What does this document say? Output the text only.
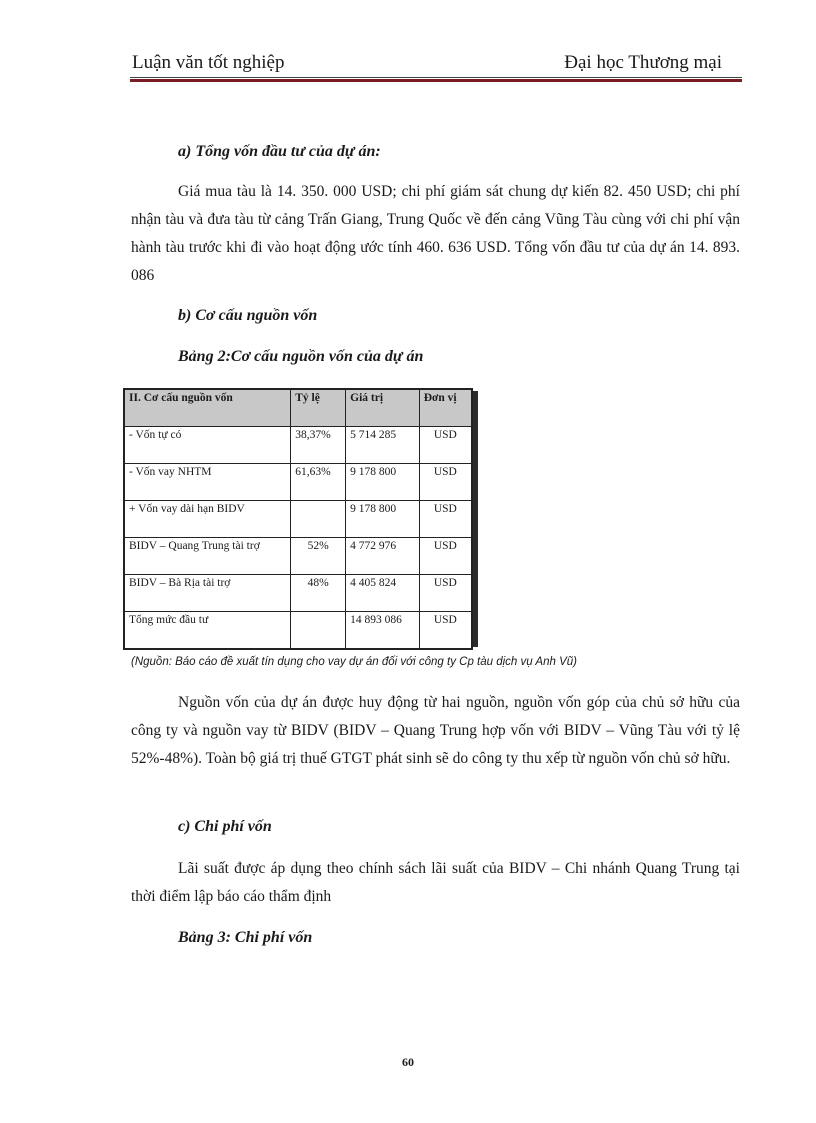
Luận văn tốt nghiệp	Đại học Thương mại
a) Tổng vốn đầu tư của dự án:
Giá mua tàu là 14. 350. 000 USD; chi phí giám sát chung dự kiến 82. 450 USD; chi phí nhận tàu và đưa tàu từ cảng Trấn Giang, Trung Quốc về đến cảng Vũng Tàu cùng với chi phí vận hành tàu trước khi đi vào hoạt động ước tính 460. 636 USD. Tổng vốn đầu tư của dự án 14. 893. 086
b) Cơ cấu nguồn vốn
Bảng 2:Cơ cấu nguồn vốn của dự án
II. Cơ cấu nguồn vốn	Tỷ lệ	Giá trị	Đơn vị
- Vốn tự có	38,37%	5 714 285	USD
- Vốn vay NHTM	61,63%	9 178 800	USD
+ Vốn vay dài hạn BIDV		9 178 800	USD
BIDV – Quang Trung tài trợ	52%	4 772 976	USD
BIDV – Bà Rịa tài trợ	48%	4 405 824	USD
Tổng mức đầu tư		14 893 086	USD
(Nguồn: Báo cáo đề xuất tín dụng cho vay dự án đối với công ty Cp tàu dịch vụ Anh Vũ)
Nguồn vốn của dự án được huy động từ hai nguồn, nguồn vốn góp của chủ sở hữu của công ty và nguồn vay từ BIDV (BIDV – Quang Trung hợp vốn với BIDV – Vũng Tàu với tỷ lệ 52%-48%). Toàn bộ giá trị thuế GTGT phát sinh sẽ do công ty thu xếp từ nguồn vốn chủ sở hữu.
c) Chi phí vốn
Lãi suất được áp dụng theo chính sách lãi suất của BIDV – Chi nhánh Quang Trung tại thời điểm lập báo cáo thẩm định
Bảng 3: Chi phí vốn
60
